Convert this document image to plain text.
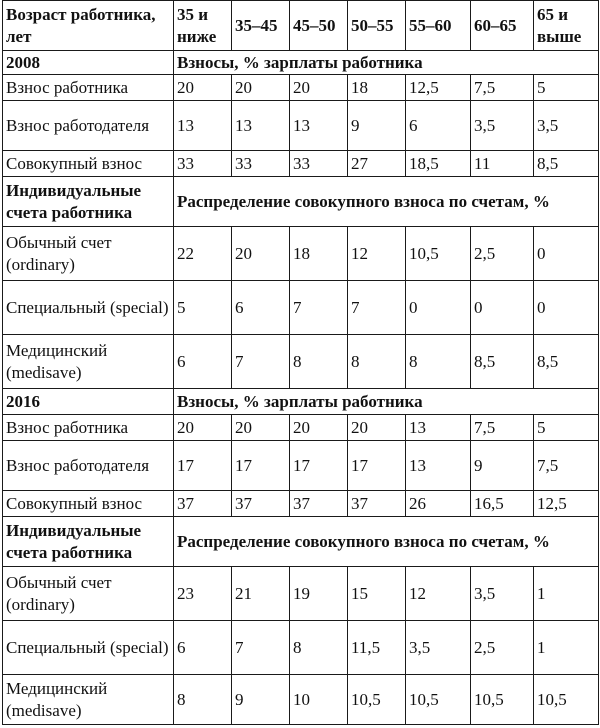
Возраст работника, лет	35 и ниже	35–45	45–50	50–55	55–60	60–65	65 и выше
2008	Взносы, % зарплаты работника						
Взнос работника	20	20	20	18	12,5	7,5	5
Взнос работодателя	13	13	13	9	6	3,5	3,5
Совокупный взнос	33	33	33	27	18,5	11	8,5
Индивидуальные счета работника	Распределение совокупного взноса по счетам, %						
Обычный счет (ordinary)	22	20	18	12	10,5	2,5	0
Специальный (special)	5	6	7	7	0	0	0
Медицинский (medisave)	6	7	8	8	8	8,5	8,5
2016	Взносы, % зарплаты работника						
Взнос работника	20	20	20	20	13	7,5	5
Взнос работодателя	17	17	17	17	13	9	7,5
Совокупный взнос	37	37	37	37	26	16,5	12,5
Индивидуальные счета работника	Распределение совокупного взноса по счетам, %						
Обычный счет (ordinary)	23	21	19	15	12	3,5	1
Специальный (special)	6	7	8	11,5	3,5	2,5	1
Медицинский (medisave)	8	9	10	10,5	10,5	10,5	10,5
